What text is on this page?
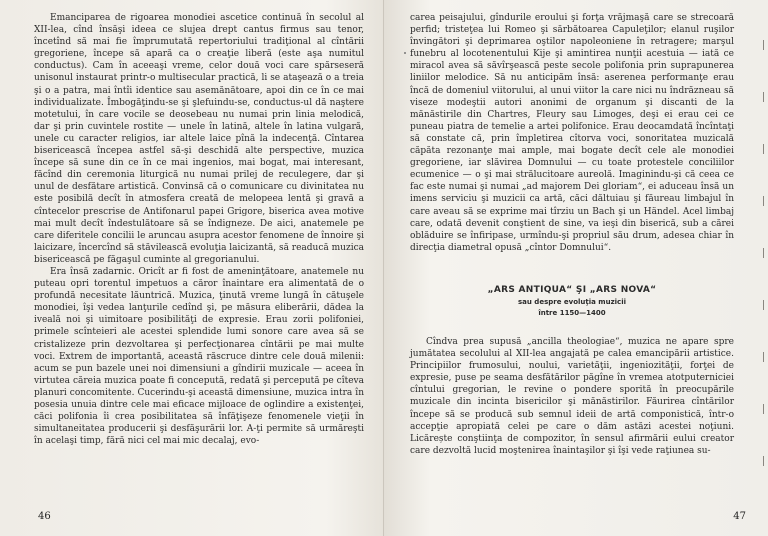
Emanciparea de rigoarea monodiei ascetice continuă în secolul al XII-lea, cînd însăşi ideea ce slujea drept cantus firmus sau tenor, încetînd să mai fie împrumutată repertoriului tradiţional al cîntării gregoriene, începe să apară ca o creaţie liberă (este aşa numitul conductus). Cam în aceeaşi vreme, celor două voci care spărseseră unisonul instaurat printr-o multisecular practică, li se ataşează o a treia şi o a patra, mai întîi identice sau asemănătoare, apoi din ce în ce mai individualizate. Îmbogăţindu-se şi şlefuindu-se, conductus-ul dă naştere motetului, în care vocile se deosebeau nu numai prin linia melodică, dar şi prin cuvintele rostite — unele în latină, altele în latina vulgară, unele cu caracter religios, iar altele laice pînă la indecenţă. Cîntarea bisericească începea astfel să-şi deschidă alte perspective, muzica începe să sune din ce în ce mai ingenios, mai bogat, mai interesant, făcînd din ceremonia liturgică nu numai prilej de reculegere, dar şi unul de desfătare artistică. Convinsă că o comunicare cu divinitatea nu este posibilă decît în atmosfera creată de melopeea lentă şi gravă a cîntecelor prescrise de Antifonarul papei Grigore, biserica avea motive mai mult decît îndestulătoare să se îndigneze. De aici, anatemele pe care diferitele concilii le aruncau asupra acestor fenomene de înnoire şi laicizare, încercînd să stăvilească evoluţia laicizantă, să readucă muzica bisericească pe făgaşul cuminte al gregorianului.

Era însă zadarnic. Oricît ar fi fost de ameninţătoare, anatemele nu puteau opri torentul impetuos a căror înaintare era alimentată de o profundă necesitate lăuntrică. Muzica, ţinută vreme lungă în cătuşele monodiei, îşi vedea lanţurile cedînd şi, pe măsura eliberării, dădea la iveală noi şi uimitoare posibilităţi de expresie. Erau zorii polifoniei, primele scînteieri ale acestei splendide lumi sonore care avea să se cristalizeze prin dezvoltarea şi perfecţionarea cîntării pe mai multe voci. Extrem de importantă, această răscruce dintre cele două milenii: acum se pun bazele unei noi dimensiuni a gîndirii muzicale — aceea în virtutea căreia muzica poate fi concepută, redată şi percepută pe cîteva planuri concomitente. Cucerindu-şi această dimensiune, muzica intra în posesia unuia dintre cele mai eficace mijloace de oglindire a existenţei, căci polifonia îi crea posibilitatea să înfăţişeze fenomenele vieţii în simultaneitatea producerii şi desfăşurării lor. A-ţi permite să urmăreşti în acelaşi timp, fără nici cel mai mic decalaj, evo-

46

carea peisajului, gîndurile eroului şi forţa vrăjmaşă care se strecoară perfid; tristeţea lui Romeo şi sărbătoarea Capuleţilor; elanul ruşilor învingători şi deprimarea oştilor napoleoniene în retragere; marşul funebru al locotenentului Kije şi amintirea nunţii acestuia — iată ce miracol avea să săvîrşească peste secole polifonia prin suprapunerea liniilor melodice. Să nu anticipăm însă: aserenea performanţe erau încă de domeniul viitorului, al unui viitor la care nici nu îndrăzneau să viseze modeştii autori anonimi de organum şi discanti de la mănăstirile din Chartres, Fleury sau Limoges, deşi ei erau cei ce puneau piatra de temelie a artei polifonice. Erau deocamdată încîntaţi să constate că, prin împletirea cîtorva voci, sonoritatea muzicală căpăta rezonanţe mai ample, mai bogate decît cele ale monodiei gregoriene, iar slăvirea Domnului — cu toate protestele conciliilor ecumenice — o şi mai strălucitoare aureolă. Imaginindu-şi că ceea ce fac este numai şi numai „ad majorem Dei gloriam“, ei aduceau însă un imens serviciu şi muzicii ca artă, căci dăltuiau şi făureau limbajul în care aveau să se exprime mai tîrziu un Bach şi un Händel. Acel limbaj care, odată devenit conştient de sine, va ieşi din biserică, sub a cărei oblăduire se înfiripase, urmîndu-şi propriul său drum, adesea chiar în direcţia diametral opusă „cîntor Domnului“.

„ARS ANTIQUA“ ŞI „ARS NOVA“
sau despre evoluţia muzicii
între 1150—1400

Cîndva prea supusă „ancilla theologiae“, muzica ne apare spre jumătatea secolului al XII-lea angajată pe calea emancipării artistice. Principiilor frumosului, noului, varietăţii, ingeniozităţii, forţei de expresie, puse pe seama desfătărilor păgîne în vremea atotputerniciei cîntului gregorian, le revine o pondere sporită în preocupările muzicale din incinta bisericilor şi mănăstirilor. Făurirea cîntărilor începe să se producă sub semnul ideii de artă componistică, într-o accepţie apropiată celei pe care o dăm astăzi acestei noţiuni. Licărește conştiinţa de compozitor, în sensul afirmării eului creator care dezvoltă lucid moştenirea înaintaşilor şi îşi vede raţiunea su-

47
